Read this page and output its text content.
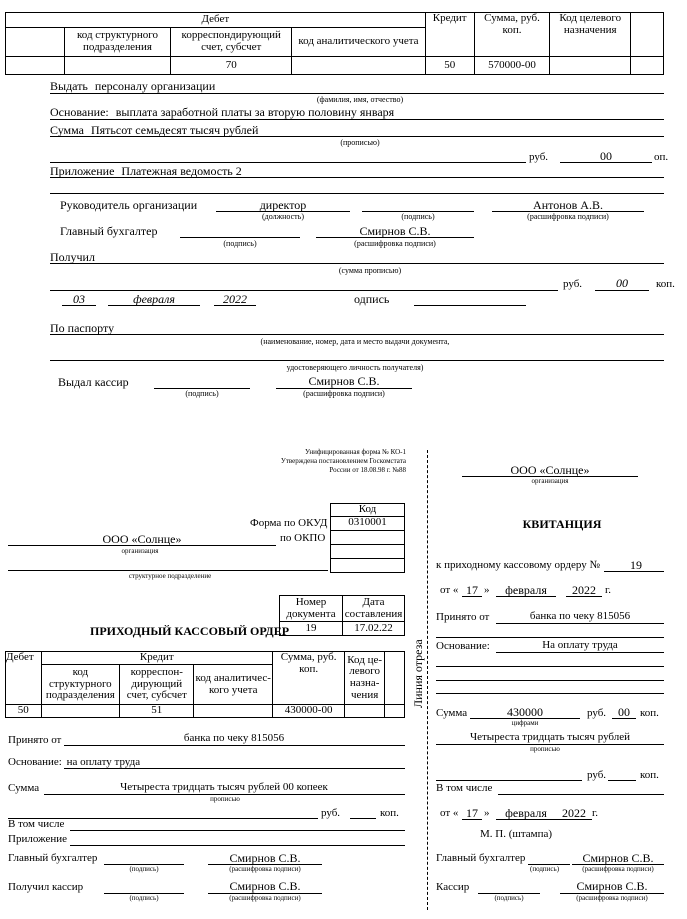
Дебет				Кредит	Сумма, руб. коп.	Код целевого назначения	
	код структурного подразделения	корреспондирующий счет, субсчет	код аналитического учета				
		70		50	570000-00		
Выдать персоналу организации
(фамилия, имя, отчество)
Основание: выплата заработной платы за вторую половину января
Сумма Пятьсот семьдесят тысяч рублей
(прописью)
руб.	00	оп.
Приложение Платежная ведомость 2
Руководитель организации	директор
(должность)	(подпись)
Антонов А.В.
(расшифровка подписи)
Главный бухгалтер
(подпись)
Смирнов С.В.
(расшифровка подписи)
Получил
(сумма прописью)
руб.	00	коп.
03	февраля	2022	одпись
По паспорту
(наименование, номер, дата и место выдачи документа,
удостоверяющего личность получателя)
Выдал кассир
(подпись)
Смирнов С.В.
(расшифровка подписи)
Унифицированная форма № КО-1
Утверждена постановлением Госкомстата
России от 18.08.98 г. №88
Код
0310001

Форма по ОКУД
по ОКПО
ООО «Солнце»
организация
структурное подразделение
Номер документа	Дата составления
19	17.02.22
ПРИХОДНЫЙ КАССОВЫЙ ОРДЕР
Дебет	Кредит			Сумма, руб. коп.	Код це-левого назна-чения	
	код структурного подразделения	корреспон-дирующий счет, субсчет	код аналитичес-кого учета			
50		51		430000-00		
Принято от	банка по чеку 815056
Основание: на оплату труда
Сумма	Четыреста тридцать тысяч рублей 00 копеек
прописью
руб.	коп.
В том числе
Приложение
Главный бухгалтер
(подпись)
Смирнов С.В.
(расшифровка подписи)
Получил кассир
(подпись)
Смирнов С.В.
(расшифровка подписи)
Линия отреза
ООО «Солнце»
организация
КВИТАНЦИЯ
к приходному кассовому ордеру №	19
от « 17 »	февраля	2022 г.
Принято от	банка по чеку 815056
Основание:	На оплату труда
Сумма	430000
цифрами
руб. 00 коп.
Четыреста тридцать тысяч рублей
прописью
руб.	коп.
В том числе
от « 17 »	февраля	2022 г.
М. П. (штампа)
Главный бухгалтер
(подпись)
Смирнов С.В.
(расшифровка подписи)
Кассир
(подпись)
Смирнов С.В.
(расшифровка подписи)
